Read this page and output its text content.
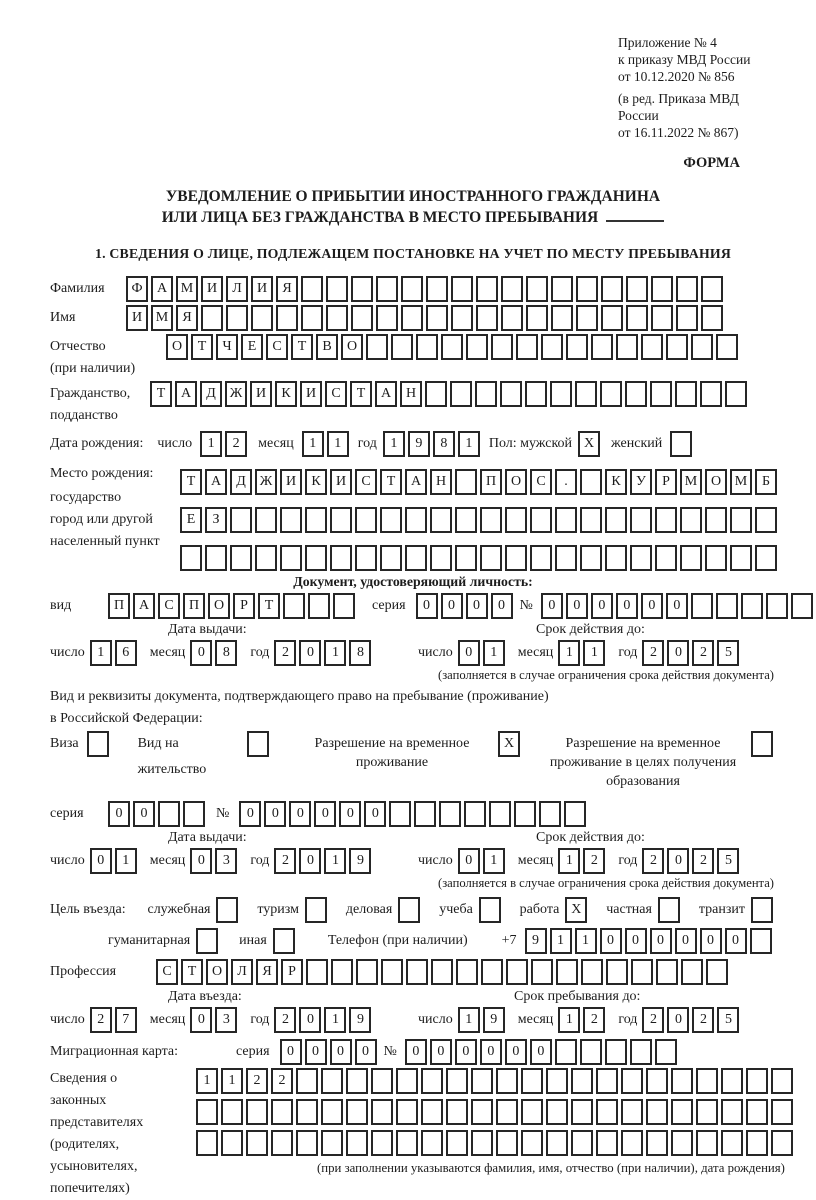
Приложение № 4
к приказу МВД России
от 10.12.2020 № 856
(в ред. Приказа МВД России
от 16.11.2022 № 867)
ФОРМА
УВЕДОМЛЕНИЕ О ПРИБЫТИИ ИНОСТРАННОГО ГРАЖДАНИНА
ИЛИ ЛИЦА БЕЗ ГРАЖДАНСТВА В МЕСТО ПРЕБЫВАНИЯ
1. СВЕДЕНИЯ О ЛИЦЕ, ПОДЛЕЖАЩЕМ ПОСТАНОВКЕ НА УЧЕТ ПО МЕСТУ ПРЕБЫВАНИЯ
Фамилия	Ф А М И Л И Я
Имя	И М Я
Отчество
(при наличии)
О Т Ч Е С Т В О
Гражданство,
подданство
Т А Д Ж И К И С Т А Н
Дата рождения: число	1 2	месяц	1 1	год 1 9 8 1	Пол: мужской X	женский
Место рождения:
государство
город или другой
населенный пункт
Т А Д Ж И К И С Т А Н	П О С .	К У Р М О М Б
Е З
Документ, удостоверяющий личность:
вид	П А С П О Р Т	серия	0 0 0 0	№	0 0 0 0 0 0
Дата выдачи:
число 1 6	месяц 0 8	год 2 0 1 8
Срок действия до:
число 0 1	месяц 1 1	год 2 0 2 5
(заполняется в случае ограничения срока действия документа)
Вид и реквизиты документа, подтверждающего право на пребывание (проживание)
в Российской Федерации:
Виза	Вид на жительство
Разрешение на временное проживание
X	Разрешение на временное проживание в целях получения образования
серия	0 0	№	0 0 0 0 0 0
Дата выдачи:
число 0 1	месяц 0 3	год 2 0 1 9
Срок действия до:
число 0 1	месяц 1 2	год 2 0 2 5
(заполняется в случае ограничения срока действия документа)
Цель въезда: служебная	туризм	деловая	учеба	работа X	частная	транзит
гуманитарная	иная	Телефон (при наличии) +7	9 1 1 0 0 0 0 0 0
Профессия	С Т О Л Я Р
Дата въезда:
число 2 7	месяц 0 3	год 2 0 1 9
Срок пребывания до:
число 1 9	месяц 1 2	год 2 0 2 5
Миграционная карта:	серия	0 0 0 0	№	0 0 0 0 0 0
Сведения о
законных
представителях
(родителях,
усыновителях,
попечителях)
1 1 2 2
(при заполнении указываются фамилия, имя, отчество (при наличии), дата рождения)
